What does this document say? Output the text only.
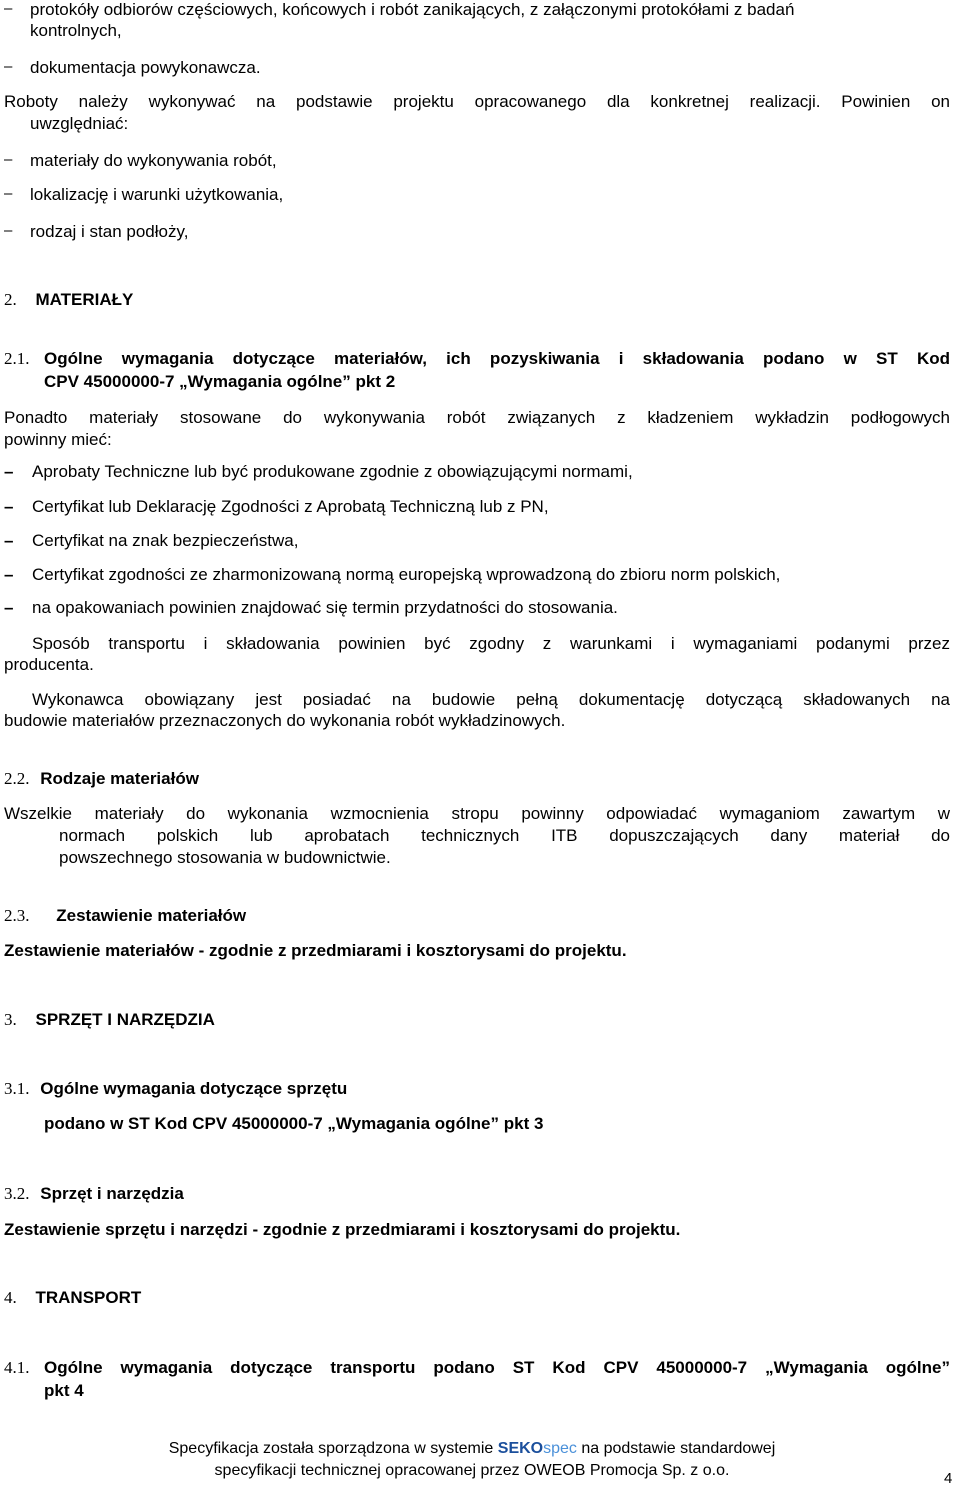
– protokóły odbiorów częściowych, końcowych i robót zanikających, z załączonymi protokółami z badań
kontrolnych,
– dokumentacja powykonawcza.
Roboty należy wykonywać na podstawie projektu opracowanego dla konkretnej realizacji. Powinien on
uwzględniać:
– materiały do wykonywania robót,
– lokalizację i warunki użytkowania,
– rodzaj i stan podłoży,
2. MATERIAŁY
2.1. Ogólne wymagania dotyczące materiałów, ich pozyskiwania i składowania podano w ST Kod
CPV 45000000-7 „Wymagania ogólne” pkt 2
Ponadto materiały stosowane do wykonywania robót związanych z kładzeniem wykładzin podłogowych
powinny mieć:
– Aprobaty Techniczne lub być produkowane zgodnie z obowiązującymi normami,
– Certyfikat lub Deklarację Zgodności z Aprobatą Techniczną lub z PN,
– Certyfikat na znak bezpieczeństwa,
– Certyfikat zgodności ze zharmonizowaną normą europejską wprowadzoną do zbioru norm polskich,
– na opakowaniach powinien znajdować się termin przydatności do stosowania.
Sposób transportu i składowania powinien być zgodny z warunkami i wymaganiami podanymi przez
producenta.
Wykonawca obowiązany jest posiadać na budowie pełną dokumentację dotyczącą składowanych na
budowie materiałów przeznaczonych do wykonania robót wykładzinowych.
2.2. Rodzaje materiałów
Wszelkie materiały do wykonania wzmocnienia stropu powinny odpowiadać wymaganiom zawartym w
normach polskich lub aprobatach technicznych ITB dopuszczających dany materiał do
powszechnego stosowania w budownictwie.
2.3. Zestawienie materiałów
Zestawienie materiałów - zgodnie z przedmiarami i kosztorysami do projektu.
3. SPRZĘT I NARZĘDZIA
3.1. Ogólne wymagania dotyczące sprzętu
podano w ST Kod CPV 45000000-7 „Wymagania ogólne” pkt 3
3.2. Sprzęt i narzędzia
Zestawienie sprzętu i narzędzi - zgodnie z przedmiarami i kosztorysami do projektu.
4. TRANSPORT
4.1. Ogólne wymagania dotyczące transportu podano ST Kod CPV 45000000-7 „Wymagania ogólne”
pkt 4
Specyfikacja została sporządzona w systemie SEKOspec na podstawie standardowej
specyfikacji technicznej opracowanej przez OWEOB Promocja Sp. z o.o.	4
